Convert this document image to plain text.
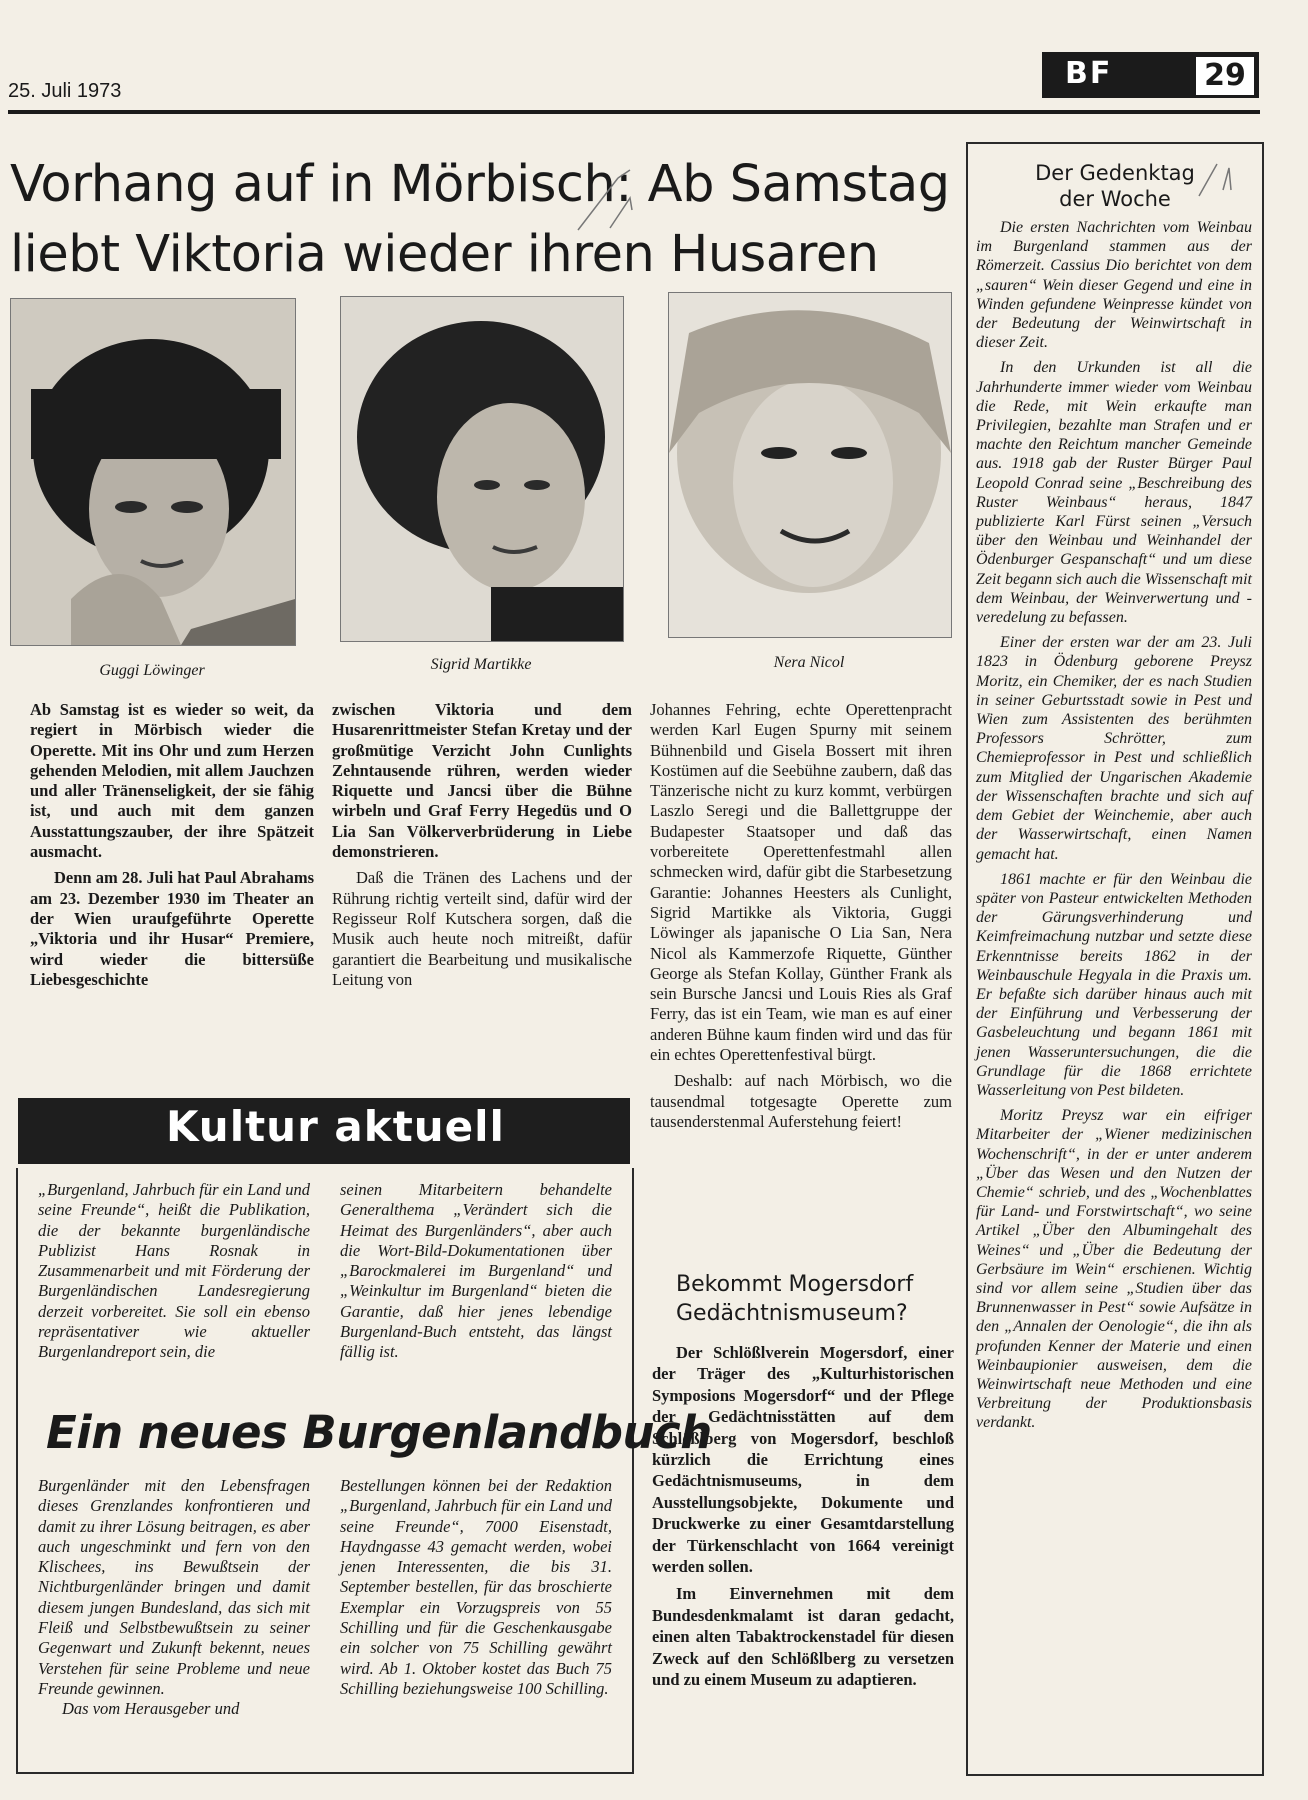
25. Juli 1973	BF	29
Vorhang auf in Mörbisch: Ab Samstag
liebt Viktoria wieder ihren Husaren
Guggi Löwinger	Sigrid Martikke	Nera Nicol

Ab Samstag ist es wieder so weit, da regiert in Mörbisch wieder die Operette. Mit ins Ohr und zum Herzen gehenden Melodien, mit allem Jauchzen und aller Tränenseligkeit, der sie fähig ist, und auch mit dem ganzen Ausstattungszauber, der ihre Spätzeit ausmacht.

Denn am 28. Juli hat Paul Abrahams am 23. Dezember 1930 im Theater an der Wien uraufgeführte Operette „Viktoria und ihr Husar“ Premiere, wird wieder die bittersüße Liebesgeschichte

zwischen Viktoria und dem Husarenrittmeister Stefan Kretay und der großmütige Verzicht John Cunlights Zehntausende rühren, werden wieder Riquette und Jancsi über die Bühne wirbeln und Graf Ferry Hegedüs und O Lia San Völkerverbrüderung in Liebe demonstrieren.

Daß die Tränen des Lachens und der Rührung richtig verteilt sind, dafür wird der Regisseur Rolf Kutschera sorgen, daß die Musik auch heute noch mitreißt, dafür garantiert die Bearbeitung und musikalische Leitung von

Johannes Fehring, echte Operettenpracht werden Karl Eugen Spurny mit seinem Bühnenbild und Gisela Bossert mit ihren Kostümen auf die Seebühne zaubern, daß das Tänzerische nicht zu kurz kommt, verbürgen Laszlo Seregi und die Ballettgruppe der Budapester Staatsoper und daß das vorbereitete Operettenfestmahl allen schmecken wird, dafür gibt die Starbesetzung Garantie: Johannes Heesters als Cunlight, Sigrid Martikke als Viktoria, Guggi Löwinger als japanische O Lia San, Nera Nicol als Kammerzofe Riquette, Günther George als Stefan Kollay, Günther Frank als sein Bursche Jancsi und Louis Ries als Graf Ferry, das ist ein Team, wie man es auf einer anderen Bühne kaum finden wird und das für ein echtes Operettenfestival bürgt.

Deshalb: auf nach Mörbisch, wo die tausendmal totgesagte Operette zum tausenderstenmal Auferstehung feiert!

Kultur aktuell
„Burgenland, Jahrbuch für ein Land und seine Freunde“, heißt die Publikation, die der bekannte burgenländische Publizist Hans Rosnak in Zusammenarbeit und mit Förderung der Burgenländischen Landesregierung derzeit vorbereitet. Sie soll ein ebenso repräsentativer wie aktueller Burgenlandreport sein, die
seinen Mitarbeitern behandelte Generalthema „Verändert sich die Heimat des Burgenländers“, aber auch die Wort-Bild-Dokumentationen über „Barockmalerei im Burgenland“ und „Weinkultur im Burgenland“ bieten die Garantie, daß hier jenes lebendige Burgenland-Buch entsteht, das längst fällig ist.
Ein neues Burgenlandbuch

Burgenländer mit den Lebensfragen dieses Grenzlandes konfrontieren und damit zu ihrer Lösung beitragen, es aber auch ungeschminkt und fern von den Klischees, ins Bewußtsein der Nichtburgenländer bringen und damit diesem jungen Bundesland, das sich mit Fleiß und Selbstbewußtsein zu seiner Gegenwart und Zukunft bekennt, neues Verstehen für seine Probleme und neue Freunde gewinnen.

Das vom Herausgeber und

Bestellungen können bei der Redaktion „Burgenland, Jahrbuch für ein Land und seine Freunde“, 7000 Eisenstadt, Haydngasse 43 gemacht werden, wobei jenen Interessenten, die bis 31. September bestellen, für das broschierte Exemplar ein Vorzugspreis von 55 Schilling und für die Geschenkausgabe ein solcher von 75 Schilling gewährt wird. Ab 1. Oktober kostet das Buch 75 Schilling beziehungsweise 100 Schilling.
Bekommt Mogersdorf
Gedächtnismuseum?

Der Schlößlverein Mogersdorf, einer der Träger des „Kulturhistorischen Symposions Mogersdorf“ und der Pflege der Gedächtnisstätten auf dem Schlößlberg von Mogersdorf, beschloß kürzlich die Errichtung eines Gedächtnismuseums, in dem Ausstellungsobjekte, Dokumente und Druckwerke zu einer Gesamtdarstellung der Türkenschlacht von 1664 vereinigt werden sollen.

Im Einvernehmen mit dem Bundesdenkmalamt ist daran gedacht, einen alten Tabaktrockenstadel für diesen Zweck auf den Schlößlberg zu versetzen und zu einem Museum zu adaptieren.

Der Gedenktag
der Woche

Die ersten Nachrichten vom Weinbau im Burgenland stammen aus der Römerzeit. Cassius Dio berichtet von dem „sauren“ Wein dieser Gegend und eine in Winden gefundene Weinpresse kündet von der Bedeutung der Weinwirtschaft in dieser Zeit.

In den Urkunden ist all die Jahrhunderte immer wieder vom Weinbau die Rede, mit Wein erkaufte man Privilegien, bezahlte man Strafen und er machte den Reichtum mancher Gemeinde aus. 1918 gab der Ruster Bürger Paul Leopold Conrad seine „Beschreibung des Ruster Weinbaus“ heraus, 1847 publizierte Karl Fürst seinen „Versuch über den Weinbau und Weinhandel der Ödenburger Gespanschaft“ und um diese Zeit begann sich auch die Wissenschaft mit dem Weinbau, der Weinverwertung und -veredelung zu befassen.

Einer der ersten war der am 23. Juli 1823 in Ödenburg geborene Preysz Moritz, ein Chemiker, der es nach Studien in seiner Geburtsstadt sowie in Pest und Wien zum Assistenten des berühmten Professors Schrötter, zum Chemieprofessor in Pest und schließlich zum Mitglied der Ungarischen Akademie der Wissenschaften brachte und sich auf dem Gebiet der Weinchemie, aber auch der Wasserwirtschaft, einen Namen gemacht hat.

1861 machte er für den Weinbau die später von Pasteur entwickelten Methoden der Gärungsverhinderung und Keimfreimachung nutzbar und setzte diese Erkenntnisse bereits 1862 in der Weinbauschule Hegyala in die Praxis um. Er befaßte sich darüber hinaus auch mit der Einführung und Verbesserung der Gasbeleuchtung und begann 1861 mit jenen Wasseruntersuchungen, die die Grundlage für die 1868 errichtete Wasserleitung von Pest bildeten.

Moritz Preysz war ein eifriger Mitarbeiter der „Wiener medizinischen Wochenschrift“, in der er unter anderem „Über das Wesen und den Nutzen der Chemie“ schrieb, und des „Wochenblattes für Land- und Forstwirtschaft“, wo seine Artikel „Über den Albumingehalt des Weines“ und „Über die Bedeutung der Gerbsäure im Wein“ erschienen. Wichtig sind vor allem seine „Studien über das Brunnenwasser in Pest“ sowie Aufsätze in den „Annalen der Oenologie“, die ihn als profunden Kenner der Materie und einen Weinbaupionier ausweisen, dem die Weinwirtschaft neue Methoden und eine Verbreitung der Produktionsbasis verdankt.
